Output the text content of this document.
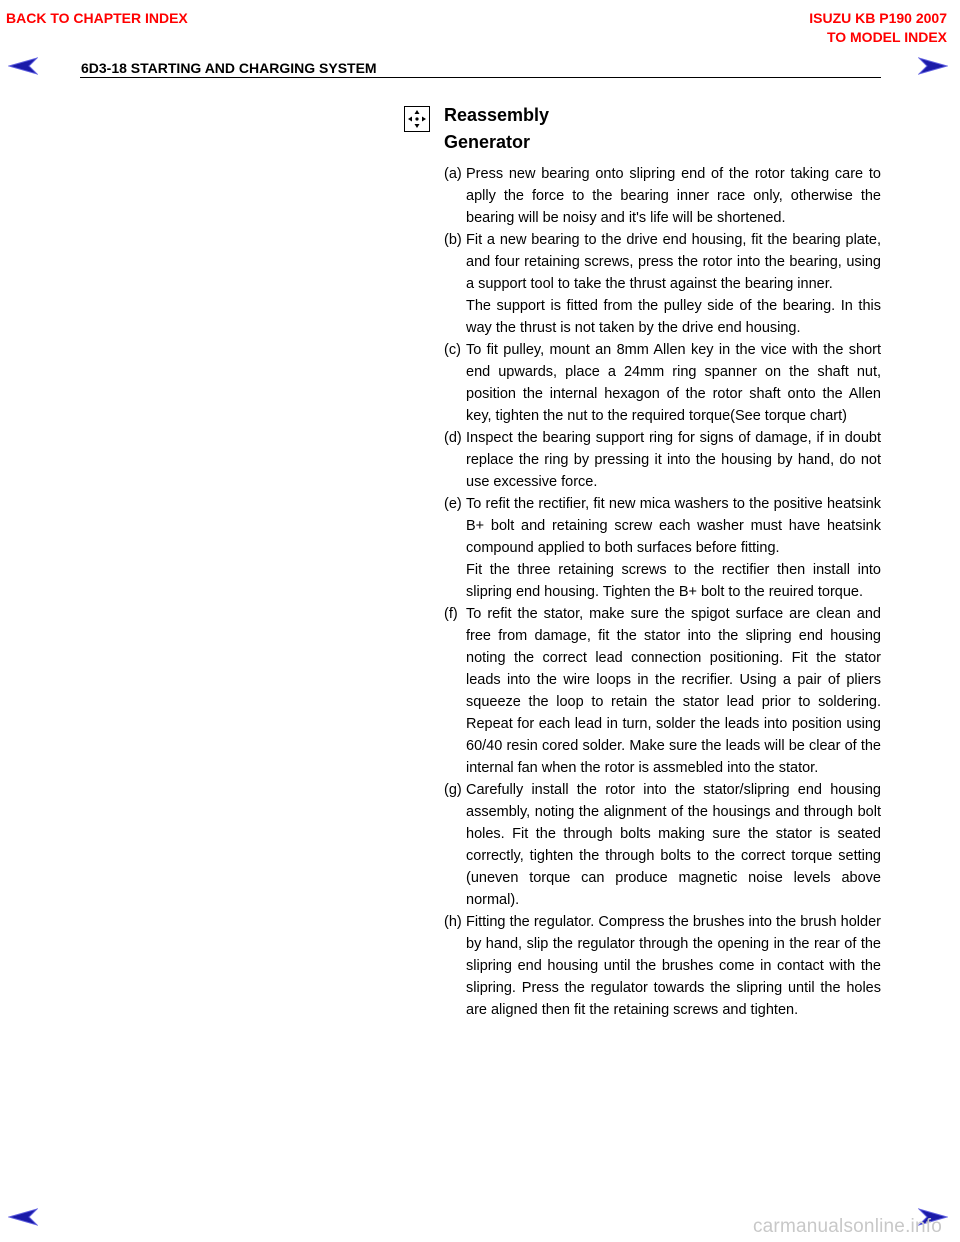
BACK TO CHAPTER INDEX	ISUZU KB P190 2007
TO MODEL INDEX
6D3-18 STARTING AND CHARGING SYSTEM
Reassembly
Generator
(a) Press new bearing onto slipring end of the rotor taking care to aplly the force to the bearing inner race only, otherwise the bearing will be noisy and it's life will be shortened.

(b) Fit a new bearing to the drive end housing, fit the bearing plate, and four retaining screws, press the rotor into the bearing, using a support tool to take the thrust against the bearing inner.

The support is fitted from the pulley side of the bearing. In this way the thrust is not taken by the drive end housing.

(c) To fit pulley, mount an 8mm Allen key in the vice with the short end upwards, place a 24mm ring spanner on the shaft nut, position the internal hexagon of the rotor shaft onto the Allen key, tighten the nut to the required torque(See torque chart)

(d) Inspect the bearing support ring for signs of damage, if in doubt replace the ring by pressing it into the housing by hand, do not use excessive force.

(e) To refit the rectifier, fit new mica washers to the positive heatsink B+ bolt and retaining screw each washer must have heatsink compound applied to both surfaces before fitting.

Fit the three retaining screws to the rectifier then install into slipring end housing. Tighten the B+ bolt to the reuired torque.

(f) To refit the stator, make sure the spigot surface are clean and free from damage, fit the stator into the slipring end housing noting the correct lead connection positioning. Fit the stator leads into the wire loops in the recrifier. Using a pair of pliers squeeze the loop to retain the stator lead prior to soldering. Repeat for each lead in turn, solder the leads into position using 60/40 resin cored solder. Make sure the leads will be clear of the internal fan when the rotor is assmebled into the stator.

(g) Carefully install the rotor into the stator/slipring end housing assembly, noting the alignment of the housings and through bolt holes. Fit the through bolts making sure the stator is seated correctly, tighten the through bolts to the correct torque setting (uneven torque can produce magnetic noise levels above normal).

(h) Fitting the regulator. Compress the brushes into the brush holder by hand, slip the regulator through the opening in the rear of the slipring end housing until the brushes come in contact with the slipring. Press the regulator towards the slipring until the holes are aligned then fit the retaining screws and tighten.

carmanualsonline.info
